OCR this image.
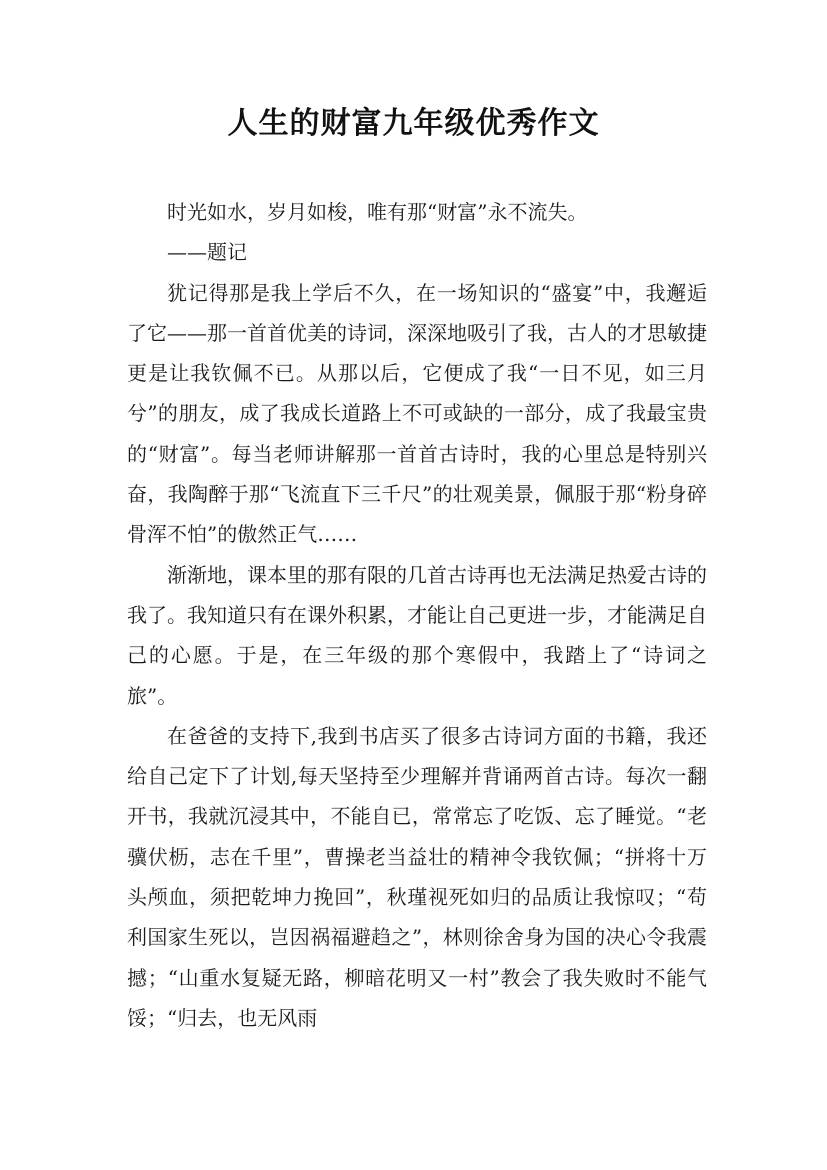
人生的财富九年级优秀作文

时光如水，岁月如梭，唯有那“财富”永不流失。

——题记

犹记得那是我上学后不久，在一场知识的“盛宴”中，我邂逅了它——那一首首优美的诗词，深深地吸引了我，古人的才思敏捷更是让我钦佩不已。从那以后，它便成了我“一日不见，如三月兮”的朋友，成了我成长道路上不可或缺的一部分，成了我最宝贵的“财富”。每当老师讲解那一首首古诗时，我的心里总是特别兴奋，我陶醉于那“飞流直下三千尺”的壮观美景，佩服于那“粉身碎骨浑不怕”的傲然正气……

渐渐地，课本里的那有限的几首古诗再也无法满足热爱古诗的我了。我知道只有在课外积累，才能让自己更进一步，才能满足自己的心愿。于是，在三年级的那个寒假中，我踏上了“诗词之旅”。

在爸爸的支持下,我到书店买了很多古诗词方面的书籍，我还给自己定下了计划,每天坚持至少理解并背诵两首古诗。每次一翻开书，我就沉浸其中，不能自已，常常忘了吃饭、忘了睡觉。“老骥伏枥，志在千里”，曹操老当益壮的精神令我钦佩；“拼将十万头颅血，须把乾坤力挽回”，秋瑾视死如归的品质让我惊叹；“苟利国家生死以，岂因祸福避趋之”，林则徐舍身为国的决心令我震撼；“山重水复疑无路，柳暗花明又一村”教会了我失败时不能气馁；“归去，也无风雨
